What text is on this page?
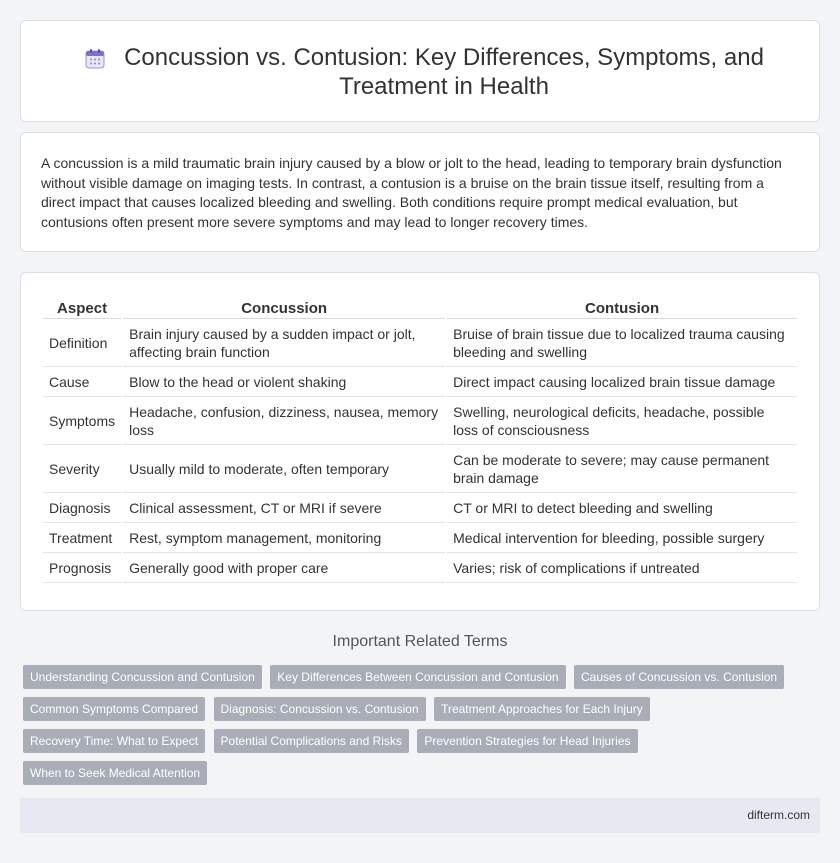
Concussion vs. Contusion: Key Differences, Symptoms, and Treatment in Health

A concussion is a mild traumatic brain injury caused by a blow or jolt to the head, leading to temporary brain dysfunction without visible damage on imaging tests. In contrast, a contusion is a bruise on the brain tissue itself, resulting from a direct impact that causes localized bleeding and swelling. Both conditions require prompt medical evaluation, but contusions often present more severe symptoms and may lead to longer recovery times.

Aspect	Concussion	Contusion
Definition	Brain injury caused by a sudden impact or jolt, affecting brain function	Bruise of brain tissue due to localized trauma causing bleeding and swelling
Cause	Blow to the head or violent shaking	Direct impact causing localized brain tissue damage
Symptoms	Headache, confusion, dizziness, nausea, memory loss	Swelling, neurological deficits, headache, possible loss of consciousness
Severity	Usually mild to moderate, often temporary	Can be moderate to severe; may cause permanent brain damage
Diagnosis	Clinical assessment, CT or MRI if severe	CT or MRI to detect bleeding and swelling
Treatment	Rest, symptom management, monitoring	Medical intervention for bleeding, possible surgery
Prognosis	Generally good with proper care	Varies; risk of complications if untreated
Important Related Terms
Understanding Concussion and Contusion Key Differences Between Concussion and Contusion Causes of Concussion vs. Contusion Common Symptoms Compared Diagnosis: Concussion vs. Contusion Treatment Approaches for Each Injury Recovery Time: What to Expect Potential Complications and Risks Prevention Strategies for Head Injuries When to Seek Medical Attention
difterm.com
